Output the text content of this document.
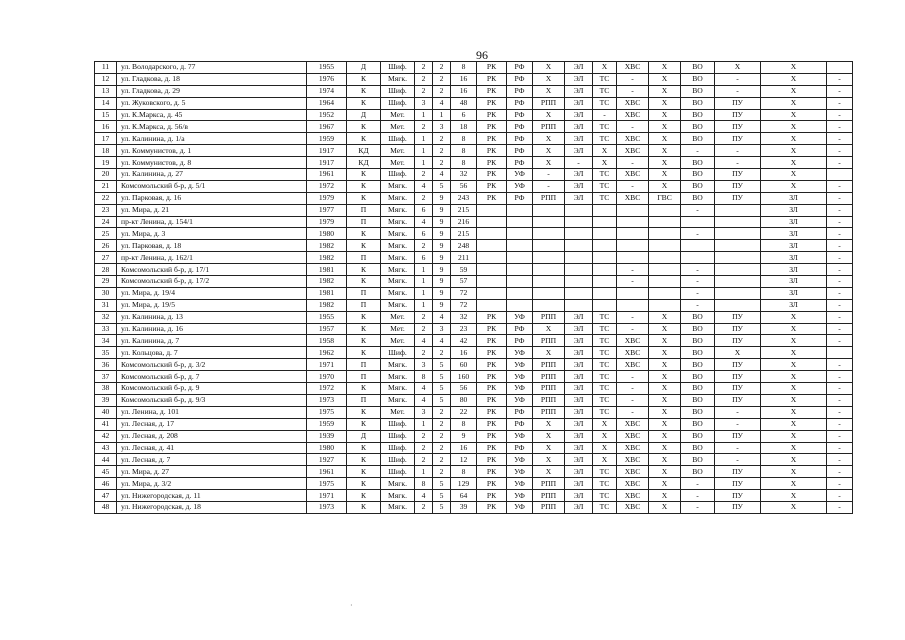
96
11	ул. Володарского, д. 77	1955	Д	Шиф.	2	2	8	РК	РФ	Х	ЭЛ	Х	ХВС	Х	ВО	Х	Х	
12	ул. Гладкова, д. 18	1976	К	Мягк.	2	2	16	РК	РФ	Х	ЭЛ	ТС	-	Х	ВО	-	Х	-
13	ул. Гладкова, д. 29	1974	К	Шиф.	2	2	16	РК	РФ	Х	ЭЛ	ТС	-	Х	ВО	-	Х	-
14	ул. Жуковского, д. 5	1964	К	Шиф.	3	4	48	РК	РФ	РПП	ЭЛ	ТС	ХВС	Х	ВО	ПУ	Х	-
15	ул. К.Маркса, д. 45	1952	Д	Мет.	1	1	6	РК	РФ	Х	ЭЛ	-	ХВС	Х	ВО	ПУ	Х	-
16	ул. К.Маркса, д. 56/в	1967	К	Мет.	2	3	18	РК	РФ	РПП	ЭЛ	ТС	-	Х	ВО	ПУ	Х	-
17	ул. Калинина, д. 1/а	1959	К	Шиф.	1	2	8	РК	РФ	Х	ЭЛ	ТС	ХВС	Х	ВО	ПУ	Х	-
18	ул. Коммунистов, д. 1	1917	КД	Мет.	1	2	8	РК	РФ	Х	ЭЛ	Х	ХВС	Х	-	-	Х	-
19	ул. Коммунистов, д. 8	1917	КД	Мет.	1	2	8	РК	РФ	Х	-	Х	-	Х	ВО	-	Х	-
20	ул. Калинина, д. 27	1961	К	Шиф.	2	4	32	РК	УФ	-	ЭЛ	ТС	ХВС	Х	ВО	ПУ	Х	
21	Комсомольский б-р, д. 5/1	1972	К	Мягк.	4	5	56	РК	УФ	-	ЭЛ	ТС	-	Х	ВО	ПУ	Х	-
22	ул. Парковая, д. 16	1979	К	Мягк.	2	9	243	РК	РФ	РПП	ЭЛ	ТС	ХВС	ГВС	ВО	ПУ	ЗЛ	-
23	ул. Мира, д. 21	1977	П	Мягк.	6	9	215								-		ЗЛ	-
24	пр-кт Ленина, д. 154/1	1979	П	Мягк.	4	9	216										ЗЛ	-
25	ул. Мира, д. 3	1980	К	Мягк.	6	9	215								-		ЗЛ	-
26	ул. Парковая, д. 18	1982	К	Мягк.	2	9	248										ЗЛ	-
27	пр-кт Ленина, д. 162/1	1982	П	Мягк.	6	9	211										ЗЛ	-
28	Комсомольский б-р, д. 17/1	1981	К	Мягк.	1	9	59						-		-		ЗЛ	-
29	Комсомольский б-р, д. 17/2	1982	К	Мягк.	1	9	57						-		-		ЗЛ	-
30	ул. Мира, д. 19/4	1981	П	Мягк.	1	9	72								-		ЗЛ	-
31	ул. Мира, д. 19/5	1982	П	Мягк.	1	9	72								-		ЗЛ	-
32	ул. Калинина, д. 13	1955	К	Мет.	2	4	32	РК	УФ	РПП	ЭЛ	ТС	-	Х	ВО	ПУ	Х	-
33	ул. Калинина, д. 16	1957	К	Мет.	2	3	23	РК	РФ	Х	ЭЛ	ТС	-	Х	ВО	ПУ	Х	-
34	ул. Калинина, д. 7	1958	К	Мет.	4	4	42	РК	РФ	РПП	ЭЛ	ТС	ХВС	Х	ВО	ПУ	Х	-
35	ул. Кольцова, д. 7	1962	К	Шиф.	2	2	16	РК	УФ	Х	ЭЛ	ТС	ХВС	Х	ВО	Х	Х	
36	Комсомольский б-р, д. 3/2	1971	П	Мягк.	3	5	60	РК	УФ	РПП	ЭЛ	ТС	ХВС	Х	ВО	ПУ	Х	-
37	Комсомольский б-р, д. 7	1970	П	Мягк.	8	5	160	РК	УФ	РПП	ЭЛ	ТС	-	Х	ВО	ПУ	Х	-
38	Комсомольский б-р, д. 9	1972	К	Мягк.	4	5	56	РК	УФ	РПП	ЭЛ	ТС	-	Х	ВО	ПУ	Х	-
39	Комсомольский б-р, д. 9/3	1973	П	Мягк.	4	5	80	РК	УФ	РПП	ЭЛ	ТС	-	Х	ВО	ПУ	Х	-
40	ул. Ленина, д. 101	1975	К	Мет.	3	2	22	РК	РФ	РПП	ЭЛ	ТС	-	Х	ВО	-	Х	-
41	ул. Лесная, д. 17	1959	К	Шиф.	1	2	8	РК	РФ	Х	ЭЛ	Х	ХВС	Х	ВО	-	Х	-
42	ул. Лесная, д. 208	1939	Д	Шиф.	2	2	9	РК	УФ	Х	ЭЛ	Х	ХВС	Х	ВО	ПУ	Х	-
43	ул. Лесная, д. 41	1980	К	Шиф.	2	2	16	РК	РФ	Х	ЭЛ	Х	ХВС	Х	ВО	-	Х	-
44	ул. Лесная, д. 7	1927	К	Шиф.	2	2	12	РК	УФ	Х	ЭЛ	Х	ХВС	Х	ВО	-	Х	-
45	ул. Мира, д. 27	1961	К	Шиф.	1	2	8	РК	УФ	Х	ЭЛ	ТС	ХВС	Х	ВО	ПУ	Х	-
46	ул. Мира, д. 3/2	1975	К	Мягк.	8	5	129	РК	УФ	РПП	ЭЛ	ТС	ХВС	Х	-	ПУ	Х	-
47	ул. Нижегородская, д. 11	1971	К	Мягк.	4	5	64	РК	УФ	РПП	ЭЛ	ТС	ХВС	Х	-	ПУ	Х	-
48	ул. Нижегородская, д. 18	1973	К	Мягк.	2	5	39	РК	УФ	РПП	ЭЛ	ТС	ХВС	Х	-	ПУ	Х	-
·
